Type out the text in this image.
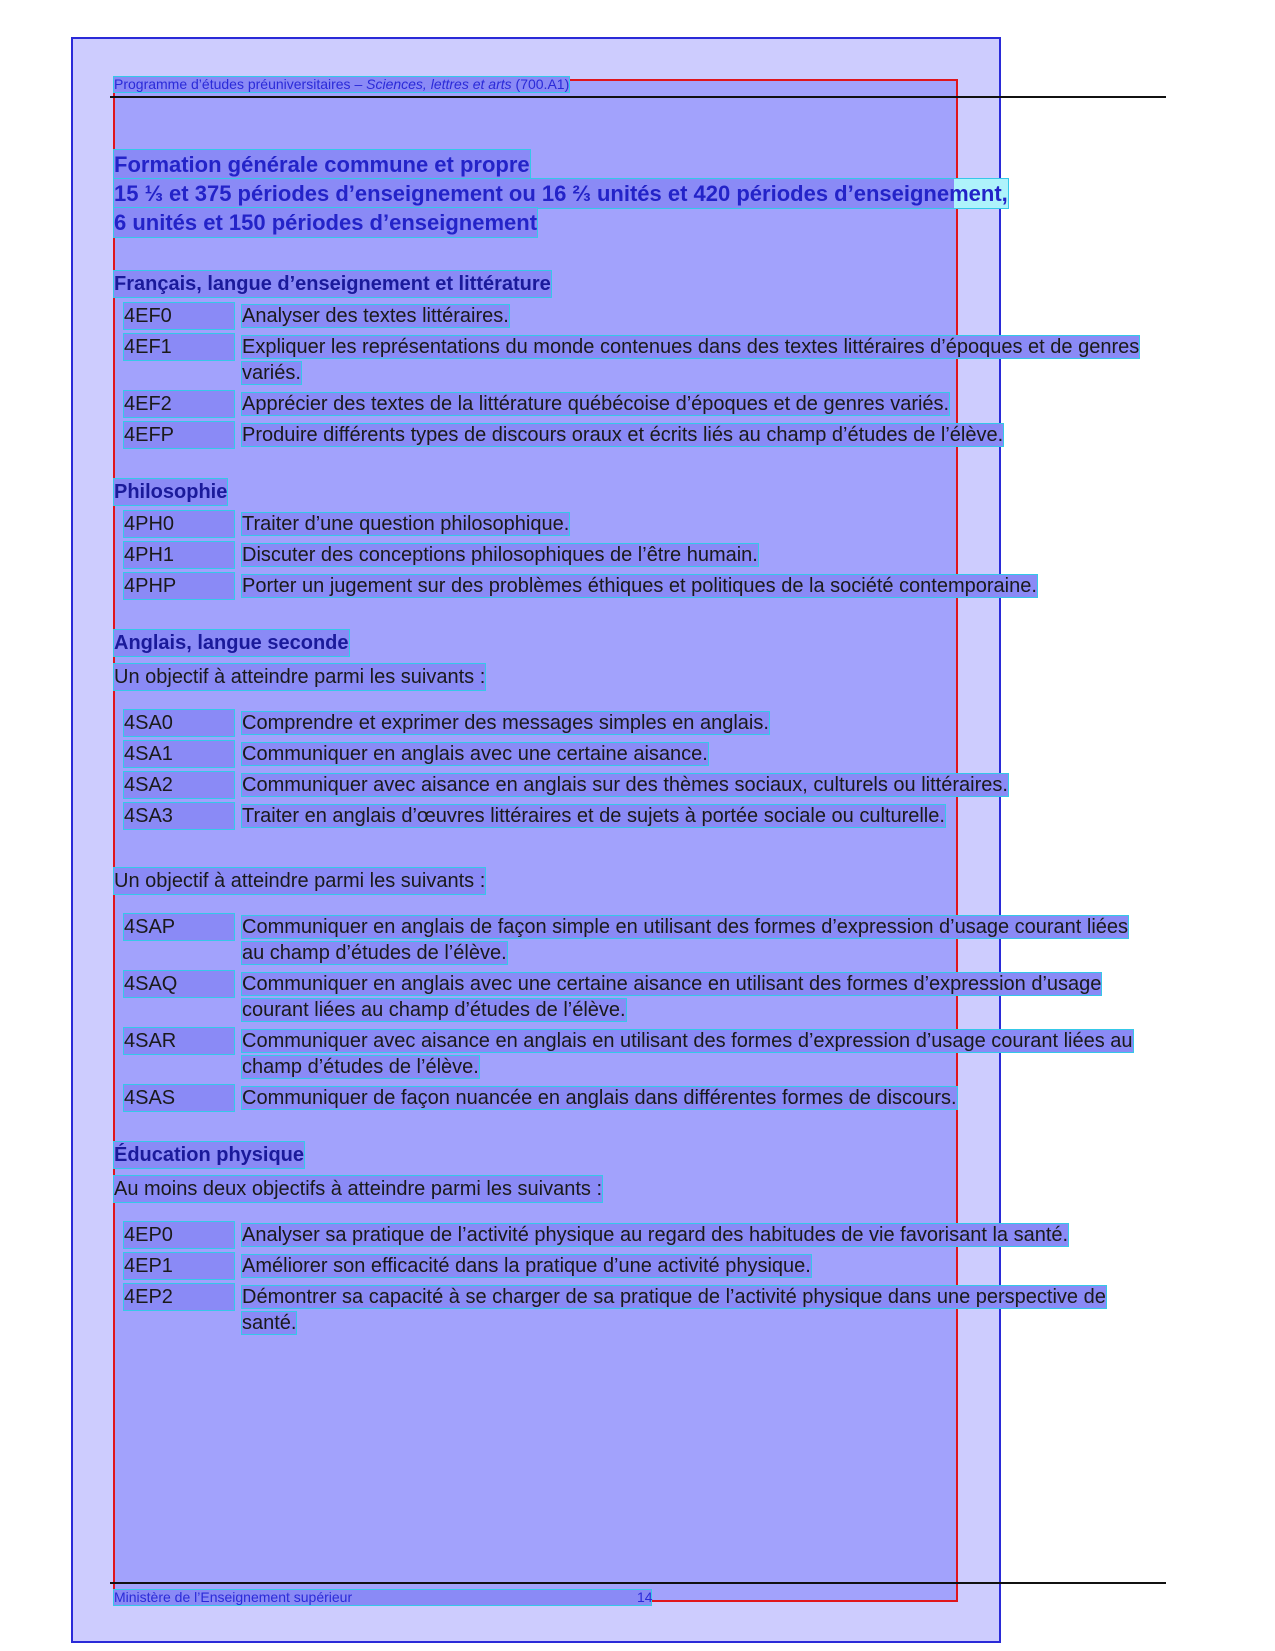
Programme d’études préuniversitaires – Sciences, lettres et arts (700.A1)
Formation générale commune et propre
15 ⅓ et 375 périodes d’enseignement ou 16 ⅔ unités et 420 périodes d’enseignement,
6 unités et 150 périodes d’enseignement
Français, langue d’enseignement et littérature
4EF0	Analyser des textes littéraires.
4EF1	Expliquer les représentations du monde contenues dans des textes littéraires d’époques et de genres variés.
4EF2	Apprécier des textes de la littérature québécoise d’époques et de genres variés.
4EFP	Produire différents types de discours oraux et écrits liés au champ d’études de l’élève.
Philosophie
4PH0	Traiter d’une question philosophique.
4PH1	Discuter des conceptions philosophiques de l’être humain.
4PHP	Porter un jugement sur des problèmes éthiques et politiques de la société contemporaine.
Anglais, langue seconde
Un objectif à atteindre parmi les suivants :
4SA0	Comprendre et exprimer des messages simples en anglais.
4SA1	Communiquer en anglais avec une certaine aisance.
4SA2	Communiquer avec aisance en anglais sur des thèmes sociaux, culturels ou littéraires.
4SA3	Traiter en anglais d’œuvres littéraires et de sujets à portée sociale ou culturelle.
Un objectif à atteindre parmi les suivants :
4SAP	Communiquer en anglais de façon simple en utilisant des formes d’expression d’usage courant liées au champ d’études de l’élève.
4SAQ	Communiquer en anglais avec une certaine aisance en utilisant des formes d’expression d’usage courant liées au champ d’études de l’élève.
4SAR	Communiquer avec aisance en anglais en utilisant des formes d’expression d’usage courant liées au champ d’études de l’élève.
4SAS	Communiquer de façon nuancée en anglais dans différentes formes de discours.
Éducation physique
Au moins deux objectifs à atteindre parmi les suivants :
4EP0	Analyser sa pratique de l’activité physique au regard des habitudes de vie favorisant la santé.
4EP1	Améliorer son efficacité dans la pratique d’une activité physique.
4EP2	Démontrer sa capacité à se charger de sa pratique de l’activité physique dans une perspective de santé.
Ministère de l’Enseignement supérieur	14
